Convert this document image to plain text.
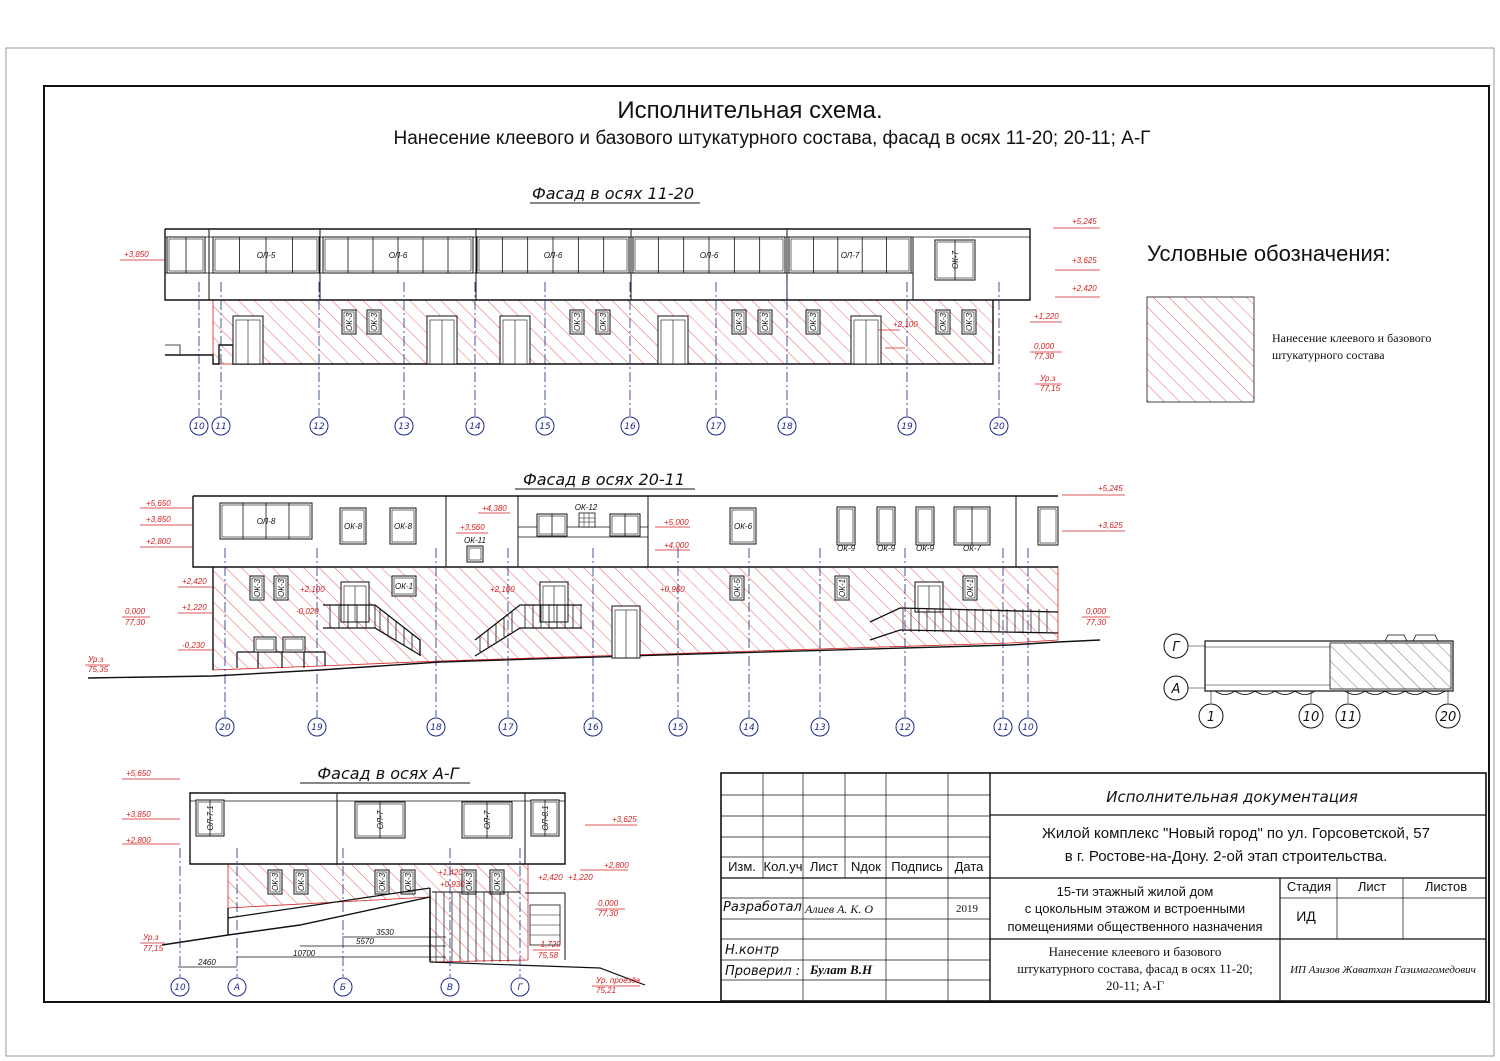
Исполнительная схема.
Нанесение клеевого и базового штукатурного состава, фасад в осях 11-20; 20-11; А-Г
Фасад в осях 11-20
ОЛ-5	ОЛ-6	ОЛ-6	ОЛ-6	ОЛ-7	ОК-7
ОК-3 ОК-3	ОК-3 ОК-3	ОК-3 ОК-3	ОК-3	ОК-3 ОК-3
10 11	12	13	14	15	16	17	18	19	20
+5,245
+3,625
+2,420
+1,220
0,000
77,30
Ур.з
77,15
+3,850
+2,100
Фасад в осях 20-11
ОЛ-8
ОК-8	ОК-8
ОК-12
ОК-11
ОК-6
ОК-9	ОК-9	ОК-9	ОК-7
ОК-3 ОК-3	ОК-1	ОК-5	ОК-1	ОК-1
20	19	18	17	16	15	14	13	12	11 10
+5,650
+3,850
+2,800
+2,420
+1,220
0,000
77,30
-0,230
Ур.з
75,35
+5,245
+3,625
0,000
77,30
+4,380
+3,560
+5,000
+4,000
+2,100	+2,100
-0,020
+0,960
Фасад в осях А-Г
ОЛ-7.1	ОЛ-7	ОЛ-7	ОЛ-8.1
ОК-3 ОК-3	ОК-3 ОК-3	ОК-3 ОК-3
10	А	Б	В	Г
3530
5570
10700
2460
+5,650
+3,850
+2,800
Ур.з
77,15
+3,625
+2,800
+2,420 +1,220
0,000
77,30
-1,720
75,58
Ур. проезда
75,21
+1,420
+0,930
Условные обозначения:
Нанесение клеевого и базового
штукатурного состава
Г
А
1	10 11	20
Изм. Кол.уч Лист Nдок Подпись Дата
Разработал Алиев А. К. О	2019
Н.контр
Проверил : Булат В.Н
Исполнительная документация
Жилой комплекс "Новый город" по ул. Горсоветской, 57
в г. Ростове-на-Дону. 2-ой этап строительства.
15-ти этажный жилой дом
с цокольным этажом и встроенными
помещениями общественного назначения
Нанесение клеевого и базового
штукатурного состава, фасад в осях 11-20;
20-11; А-Г
Стадия Лист	Листов
ИД
ИП Азизов Жаватхан Газимагомедович
